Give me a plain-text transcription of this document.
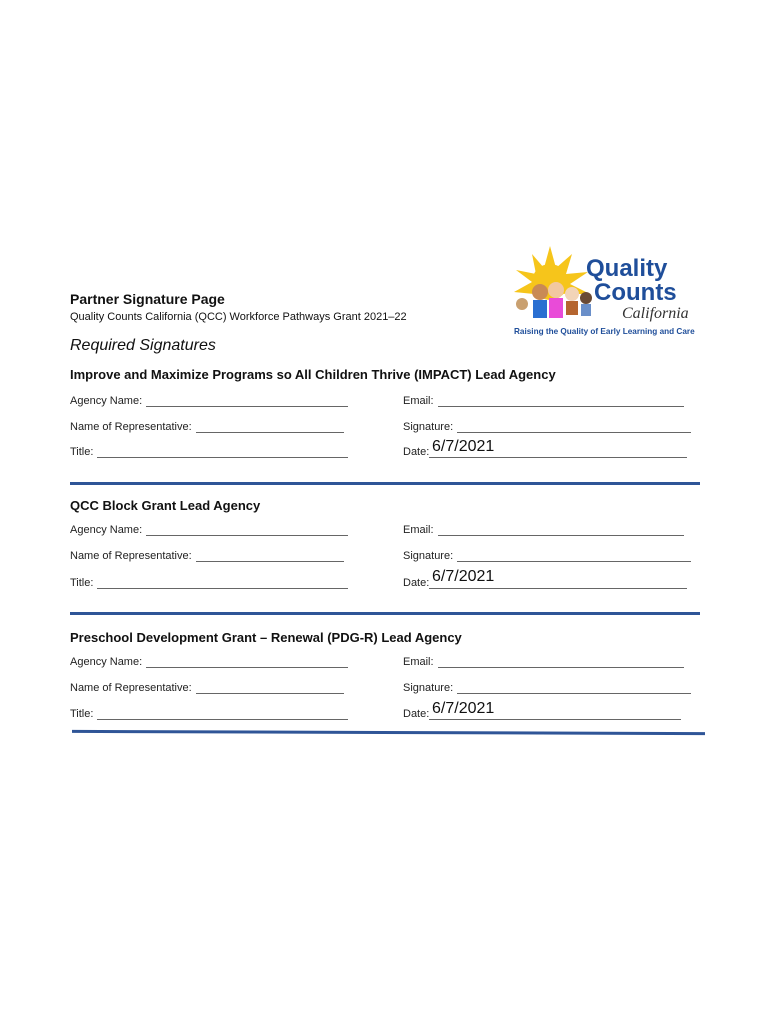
Partner Signature Page
Quality Counts California (QCC) Workforce Pathways Grant 2021–22
Required Signatures
Quality
Counts
California
Raising the Quality of Early Learning and Care
Improve and Maximize Programs so All Children Thrive (IMPACT) Lead Agency
Agency Name:	Email:
Name of Representative:	Signature:
Title:	Date: 6/7/2021
QCC Block Grant Lead Agency
Agency Name:	Email:
Name of Representative:	Signature:
Title:	Date: 6/7/2021
Preschool Development Grant – Renewal (PDG-R) Lead Agency
Agency Name:	Email:
Name of Representative:	Signature:
Title:	Date: 6/7/2021
